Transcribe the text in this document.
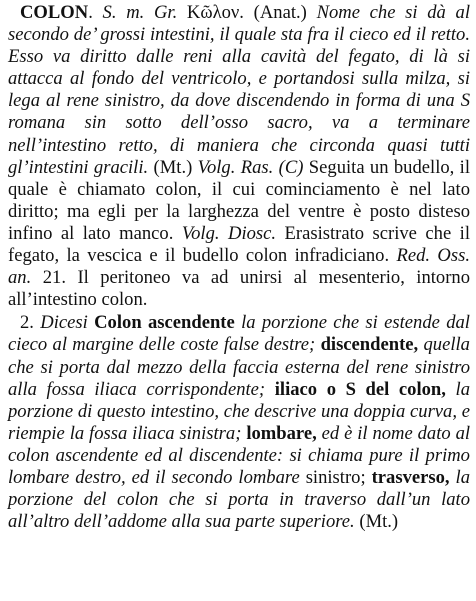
COLON. S. m. Gr. Κῶλον. (Anat.) Nome che si dà al secondo de’ grossi intestini, il quale sta fra il cieco ed il retto. Esso va diritto dalle reni alla cavità del fegato, di là si attacca al fondo del ventricolo, e portandosi sulla milza, si lega al rene sinistro, da dove discendendo in forma di una S romana sin sotto dell’osso sacro, va a terminare nell’intestino retto, di maniera che circonda quasi tutti gl’intestini gracili. (Mt.) Volg. Ras. (C) Seguita un budello, il quale è chiamato colon, il cui cominciamento è nel lato diritto; ma egli per la larghezza del ventre è posto disteso infino al lato manco. Volg. Diosc. Erasistrato scrive che il fegato, la vescica e il budello colon infradiciano. Red. Oss. an. 21. Il peritoneo va ad unirsi al mesenterio, intorno all’intestino colon.

2. Dicesi Colon ascendente la porzione che si estende dal cieco al margine delle coste false destre; discendente, quella che si porta dal mezzo della faccia esterna del rene sinistro alla fossa iliaca corrispondente; iliaco o S del colon, la porzione di questo intestino, che descrive una doppia curva, e riempie la fossa iliaca sinistra; lombare, ed è il nome dato al colon ascendente ed al discendente: si chiama pure il primo lombare destro, ed il secondo lombare sinistro; trasverso, la porzione del colon che si porta in traverso dall’un lato all’altro dell’addome alla sua parte superiore. (Mt.)
